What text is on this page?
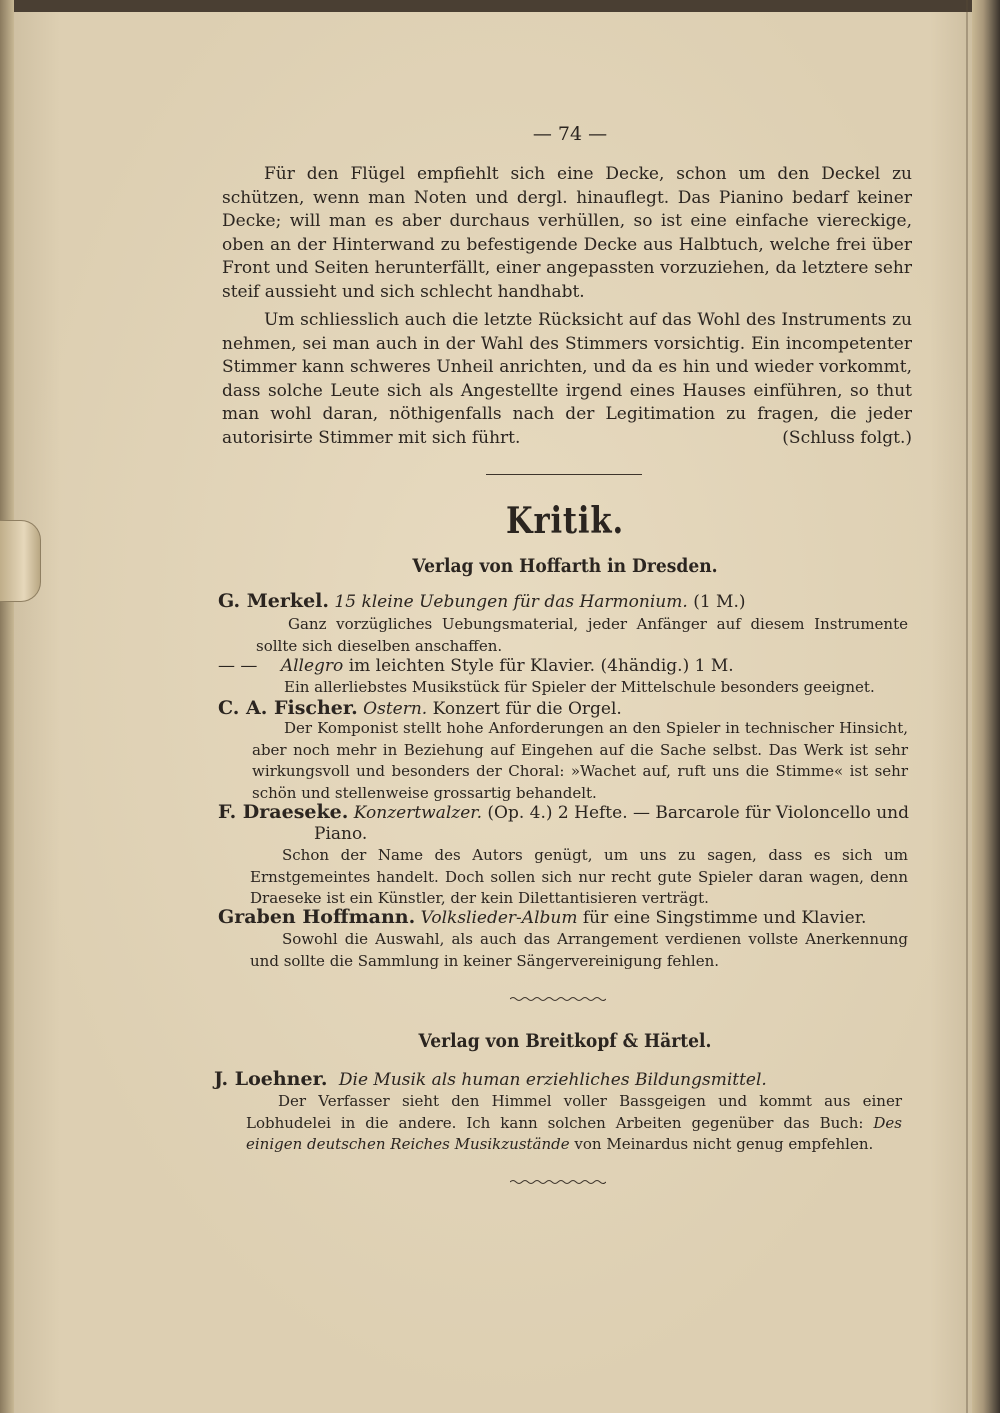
— 74 —
Für den Flügel empfiehlt sich eine Decke, schon um den Deckel zu schützen, wenn man Noten und dergl. hinauflegt. Das Pianino bedarf keiner Decke; will man es aber durchaus verhüllen, so ist eine einfache viereckige, oben an der Hinterwand zu befestigende Decke aus Halbtuch, welche frei über Front und Seiten herunterfällt, einer angepassten vorzuziehen, da letztere sehr steif aussieht und sich schlecht handhabt.
Um schliesslich auch die letzte Rücksicht auf das Wohl des Instruments zu nehmen, sei man auch in der Wahl des Stimmers vorsichtig. Ein incompetenter Stimmer kann schweres Unheil anrichten, und da es hin und wieder vorkommt, dass solche Leute sich als Angestellte irgend eines Hauses einführen, so thut man wohl daran, nöthigenfalls nach der Legitimation zu fragen, die jeder autorisirte Stimmer mit sich führt.	(Schluss folgt.)
Kritik.
Verlag von Hoffarth in Dresden.
G. Merkel. 15 kleine Uebungen für das Harmonium. (1 M.)
Ganz vorzügliches Uebungsmaterial, jeder Anfänger auf diesem Instrumente sollte sich dieselben anschaffen.
— — Allegro im leichten Style für Klavier. (4händig.) 1 M.
Ein allerliebstes Musikstück für Spieler der Mittelschule besonders geeignet.
C. A. Fischer. Ostern. Konzert für die Orgel.
Der Komponist stellt hohe Anforderungen an den Spieler in technischer Hinsicht, aber noch mehr in Beziehung auf Eingehen auf die Sache selbst. Das Werk ist sehr wirkungsvoll und besonders der Choral: »Wachet auf, ruft uns die Stimme« ist sehr schön und stellenweise grossartig behandelt.
F. Draeseke. Konzertwalzer. (Op. 4.) 2 Hefte. — Barcarole für Violoncello und
Piano.
Schon der Name des Autors genügt, um uns zu sagen, dass es sich um Ernstgemeintes handelt. Doch sollen sich nur recht gute Spieler daran wagen, denn Draeseke ist ein Künstler, der kein Dilettantisieren verträgt.
Graben Hoffmann. Volkslieder-Album für eine Singstimme und Klavier.
Sowohl die Auswahl, als auch das Arrangement verdienen vollste Anerkennung und sollte die Sammlung in keiner Sängervereinigung fehlen.
Verlag von Breitkopf & Härtel.
J. Loehner. Die Musik als human erziehliches Bildungsmittel.
Der Verfasser sieht den Himmel voller Bassgeigen und kommt aus einer Lobhudelei in die andere. Ich kann solchen Arbeiten gegenüber das Buch: Des einigen deutschen Reiches Musikzustände von Meinardus nicht genug empfehlen.
